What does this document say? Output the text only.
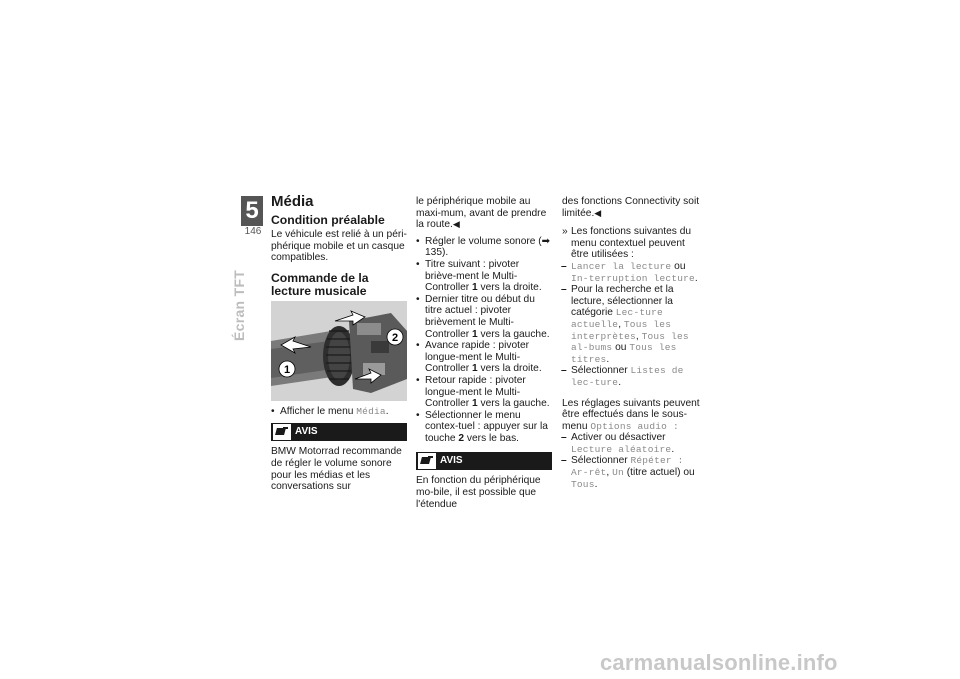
5
146
Écran TFT
Média
Condition préalable

Le véhicule est relié à un péri-phérique mobile et un casque compatibles.

Commande de la lecture musicale
1
2
• Afficher le menu Média.
AVIS

BMW Motorrad recommande de régler le volume sonore pour les médias et les conversations sur

le périphérique mobile au maxi-mum, avant de prendre la route.◀

• Régler le volume sonore (➡ 135).
• Titre suivant : pivoter briève-ment le Multi-Controller 1 vers la droite.
• Dernier titre ou début du titre actuel : pivoter brièvement le Multi-Controller 1 vers la gauche.
• Avance rapide : pivoter longue-ment le Multi-Controller 1 vers la droite.
• Retour rapide : pivoter longue-ment le Multi-Controller 1 vers la gauche.
• Sélectionner le menu contex-tuel : appuyer sur la touche 2 vers le bas.
AVIS

En fonction du périphérique mo-bile, il est possible que l'étendue

des fonctions Connectivity soit limitée.◀

» Les fonctions suivantes du menu contextuel peuvent être utilisées :
– Lancer la lecture ou In-terruption lecture.
– Pour la recherche et la lecture, sélectionner la catégorie Lec-ture actuelle, Tous les interprètes, Tous les al-bums ou Tous les titres.
– Sélectionner Listes de lec-ture.

Les réglages suivants peuvent être effectués dans le sous-menu Options audio :

– Activer ou désactiver Lecture aléatoire.
– Sélectionner Répéter : Ar-rêt, Un (titre actuel) ou Tous.
carmanualsonline.info
